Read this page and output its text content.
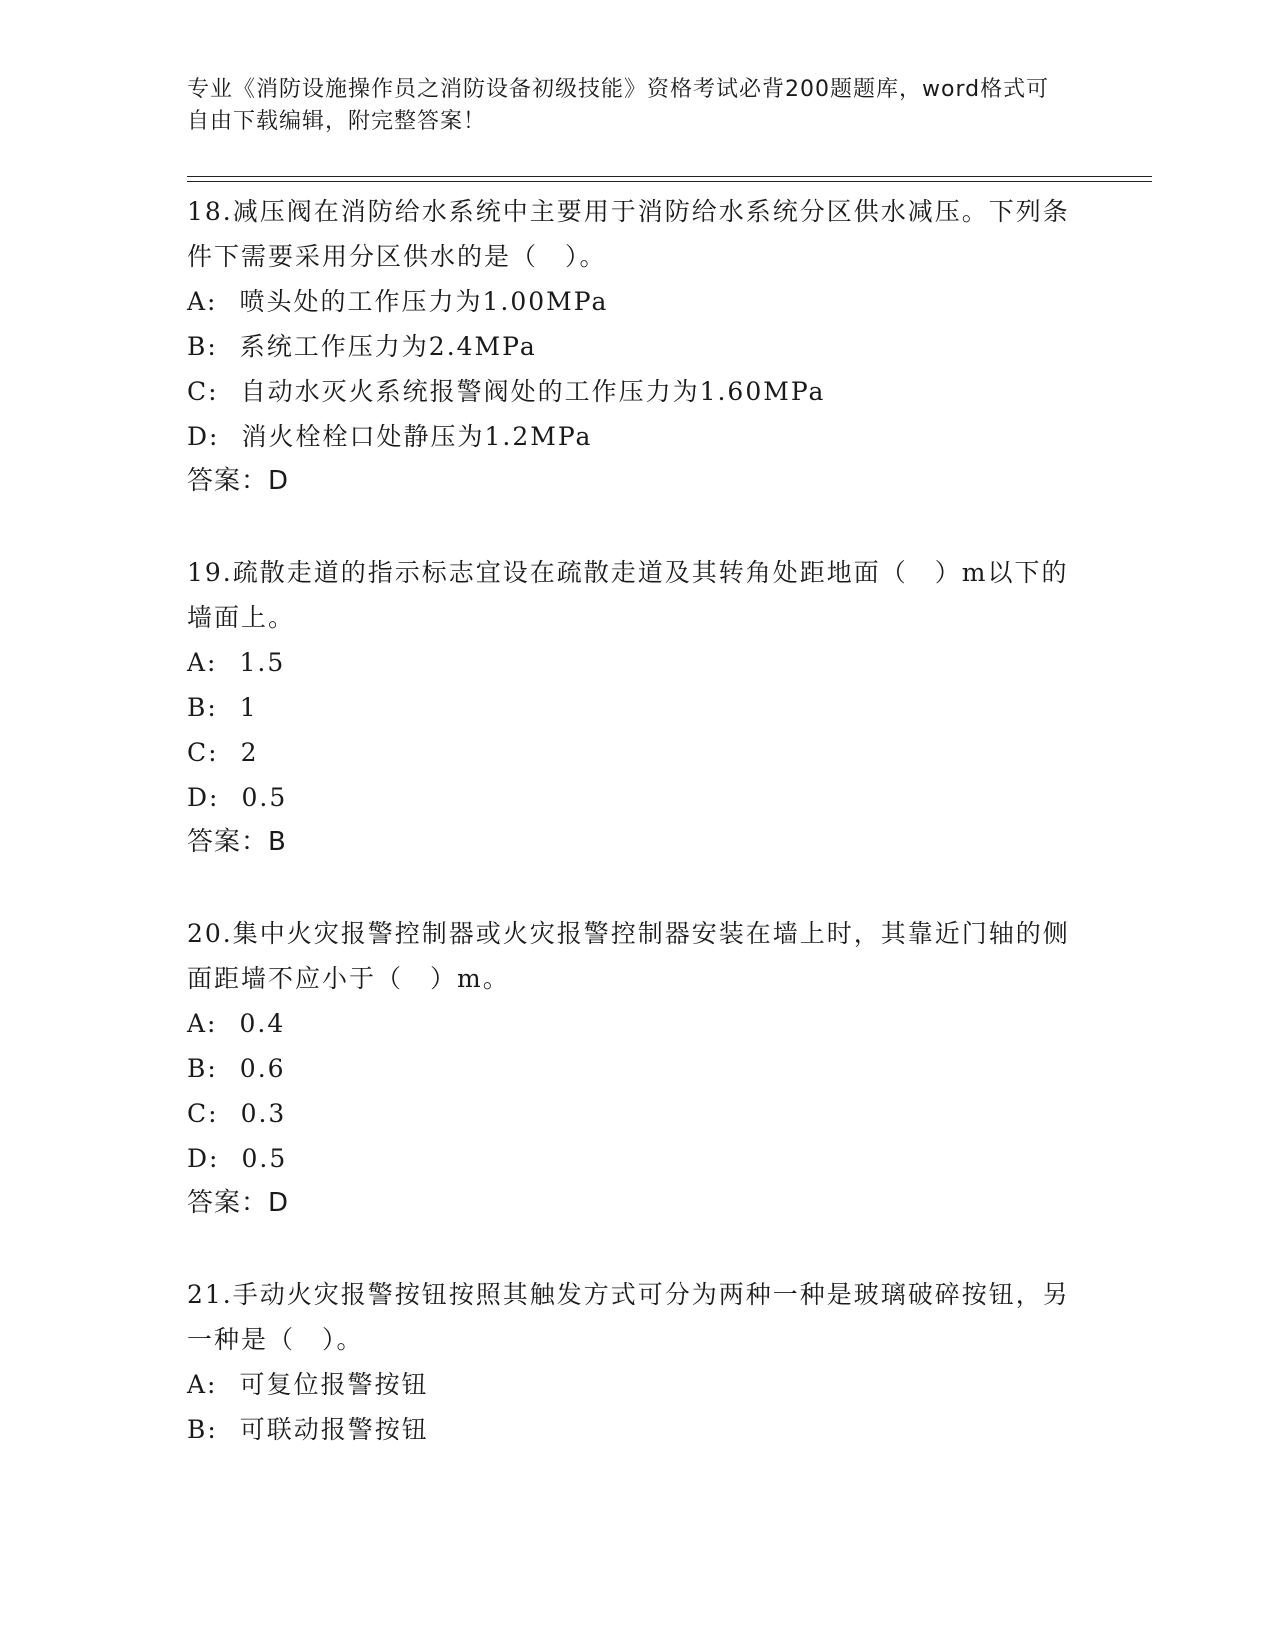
专业《消防设施操作员之消防设备初级技能》资格考试必背200题题库，word格式可自由下载编辑，附完整答案！

18.减压阀在消防给水系统中主要用于消防给水系统分区供水减压。下列条件下需要采用分区供水的是（　）。

A: 喷头处的工作压力为1.00MPa
B: 系统工作压力为2.4MPa
C: 自动水灭火系统报警阀处的工作压力为1.60MPa
D: 消火栓栓口处静压为1.2MPa
答案：D

19.疏散走道的指示标志宜设在疏散走道及其转角处距地面（　）m以下的墙面上。

A: 1.5
B: 1
C: 2
D: 0.5
答案：B

20.集中火灾报警控制器或火灾报警控制器安装在墙上时，其靠近门轴的侧面距墙不应小于（　）m。

A: 0.4
B: 0.6
C: 0.3
D: 0.5
答案：D

21.手动火灾报警按钮按照其触发方式可分为两种一种是玻璃破碎按钮，另一种是（　）。

A: 可复位报警按钮
B: 可联动报警按钮
